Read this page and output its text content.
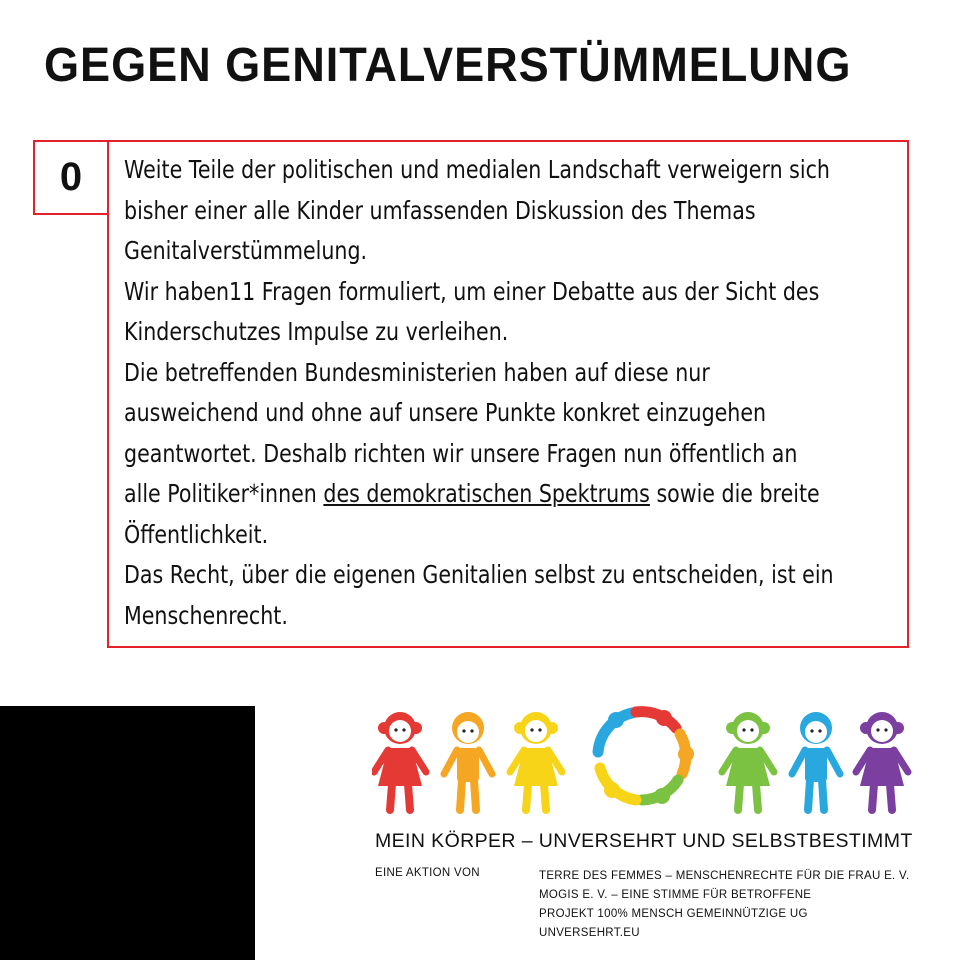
GEGEN GENITALVERSTÜMMELUNG
0	Weite Teile der politischen und medialen Landschaft verweigern sich

bisher einer alle Kinder umfassenden Diskussion des Themas

Genitalverstümmelung.

Wir haben11 Fragen formuliert, um einer Debatte aus der Sicht des

Kinderschutzes Impulse zu verleihen.

Die betreffenden Bundesministerien haben auf diese nur

ausweichend und ohne auf unsere Punkte konkret einzugehen

geantwortet. Deshalb richten wir unsere Fragen nun öffentlich an

alle Politiker*innen des demokratischen Spektrums sowie die breite

Öffentlichkeit.

Das Recht, über die eigenen Genitalien selbst zu entscheiden, ist ein

Menschenrecht.

MEIN KÖRPER – UNVERSEHRT UND SELBSTBESTIMMT
EINE AKTION VON	TERRE DES FEMMES – MENSCHENRECHTE FÜR DIE FRAU E. V.
MOGIS E. V. – EINE STIMME FÜR BETROFFENE
PROJEKT 100% MENSCH GEMEINNÜTZIGE UG
UNVERSEHRT.EU
